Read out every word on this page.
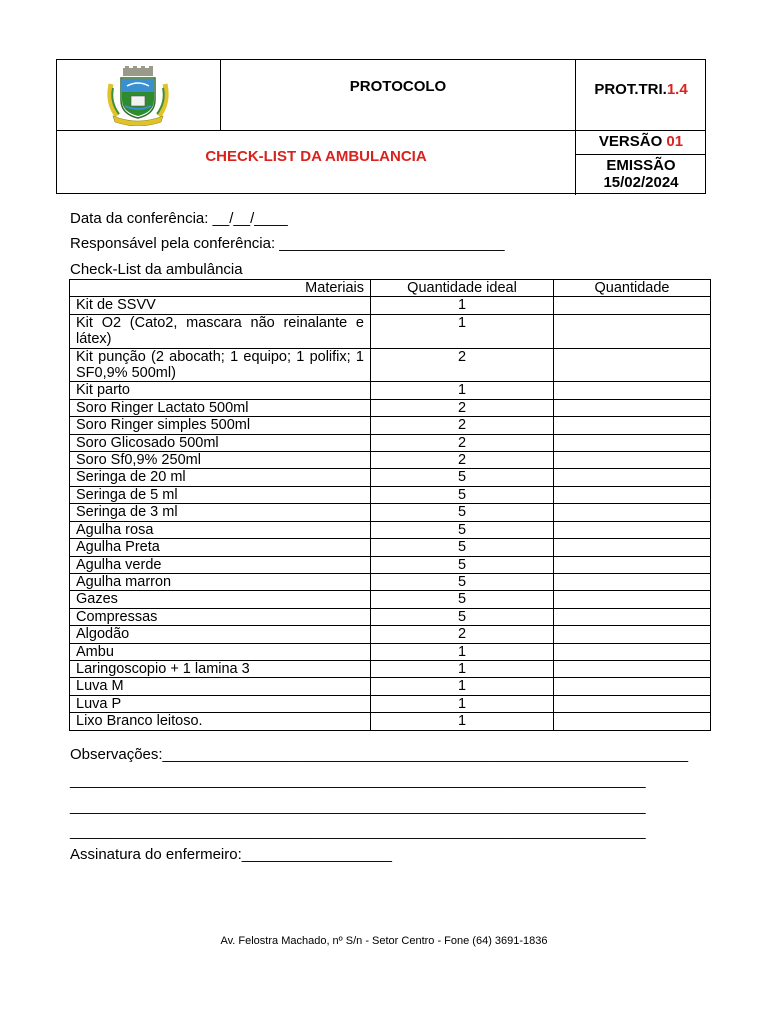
PROTOCOLO	PROT.TRI.1.4
CHECK-LIST DA AMBULANCIA
VERSÃO 01
EMISSÃO
15/02/2024
Data da conferência: __/__/____
Responsável pela conferência: ___________________________
Check-List da ambulância
Materiais	Quantidade ideal	Quantidade
Kit de SSVV	1	
Kit O2 (Cato2, mascara não reinalante e látex)	1	
Kit punção (2 abocath; 1 equipo; 1 polifix; 1 SF0,9% 500ml)	2	
Kit parto	1	
Soro Ringer Lactato 500ml	2	
Soro Ringer simples 500ml	2	
Soro Glicosado 500ml	2	
Soro Sf0,9% 250ml	2	
Seringa de 20 ml	5	
Seringa de 5 ml	5	
Seringa de 3 ml	5	
Agulha rosa	5	
Agulha Preta	5	
Agulha verde	5	
Agulha marron	5	
Gazes	5	
Compressas	5	
Algodão	2	
Ambu	1	
Laringoscopio + 1 lamina 3	1	
Luva M	1	
Luva P	1	
Lixo Branco leitoso.	1	
Observações:_______________________________________________________________
_____________________________________________________________________
_____________________________________________________________________
_____________________________________________________________________
Assinatura do enfermeiro:__________________
Av. Felostra Machado, nº S/n - Setor Centro - Fone (64) 3691-1836
